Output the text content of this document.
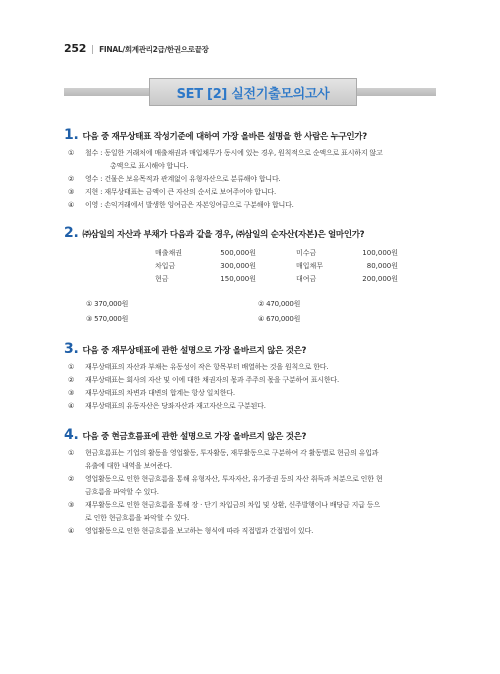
252 | FINAL/회계관리2급/한권으로끝장
SET [2] 실전기출모의고사
1. 다음 중 재무상태표 작성기준에 대하여 가장 올바른 설명을 한 사람은 누구인가?
① 철수 : 동일한 거래처에 매출채권과 매입채무가 동시에 있는 경우, 원칙적으로 순액으로 표시하지 않고
총액으로 표시해야 합니다.
② 영수 : 건물은 보유목적과 관계없이 유형자산으로 분류해야 합니다.
③ 지현 : 재무상태표는 금액이 큰 자산의 순서로 보여주어야 합니다.
④ 이영 : 손익거래에서 발생한 잉여금은 자본잉여금으로 구분해야 합니다.
2. ㈜삼일의 자산과 부채가 다음과 같을 경우, ㈜삼일의 순자산(자본)은 얼마인가?
매출채권	500,000원	미수금	100,000원
차입금	300,000원	매입채무	80,000원
현금	150,000원	대여금	200,000원
① 370,000원	② 470,000원
③ 570,000원	④ 670,000원
3. 다음 중 재무상태표에 관한 설명으로 가장 올바르지 않은 것은?
① 재무상태표의 자산과 부채는 유동성이 작은 항목부터 배열하는 것을 원칙으로 한다.
② 재무상태표는 회사의 자산 및 이에 대한 채권자의 몫과 주주의 몫을 구분하여 표시한다.
③ 재무상태표의 차변과 대변의 합계는 항상 일치한다.
④ 재무상태표의 유동자산은 당좌자산과 재고자산으로 구분된다.
4. 다음 중 현금흐름표에 관한 설명으로 가장 올바르지 않은 것은?
① 현금흐름표는 기업의 활동을 영업활동, 투자활동, 재무활동으로 구분하여 각 활동별로 현금의 유입과
유출에 대한 내역을 보여준다.
② 영업활동으로 인한 현금흐름을 통해 유형자산, 투자자산, 유가증권 등의 자산 취득과 처분으로 인한 현
금흐름을 파악할 수 있다.
③ 재무활동으로 인한 현금흐름을 통해 장 · 단기 차입금의 차입 및 상환, 신주발행이나 배당금 지급 등으
로 인한 현금흐름을 파악할 수 있다.
④ 영업활동으로 인한 현금흐름을 보고하는 형식에 따라 직접법과 간접법이 있다.
